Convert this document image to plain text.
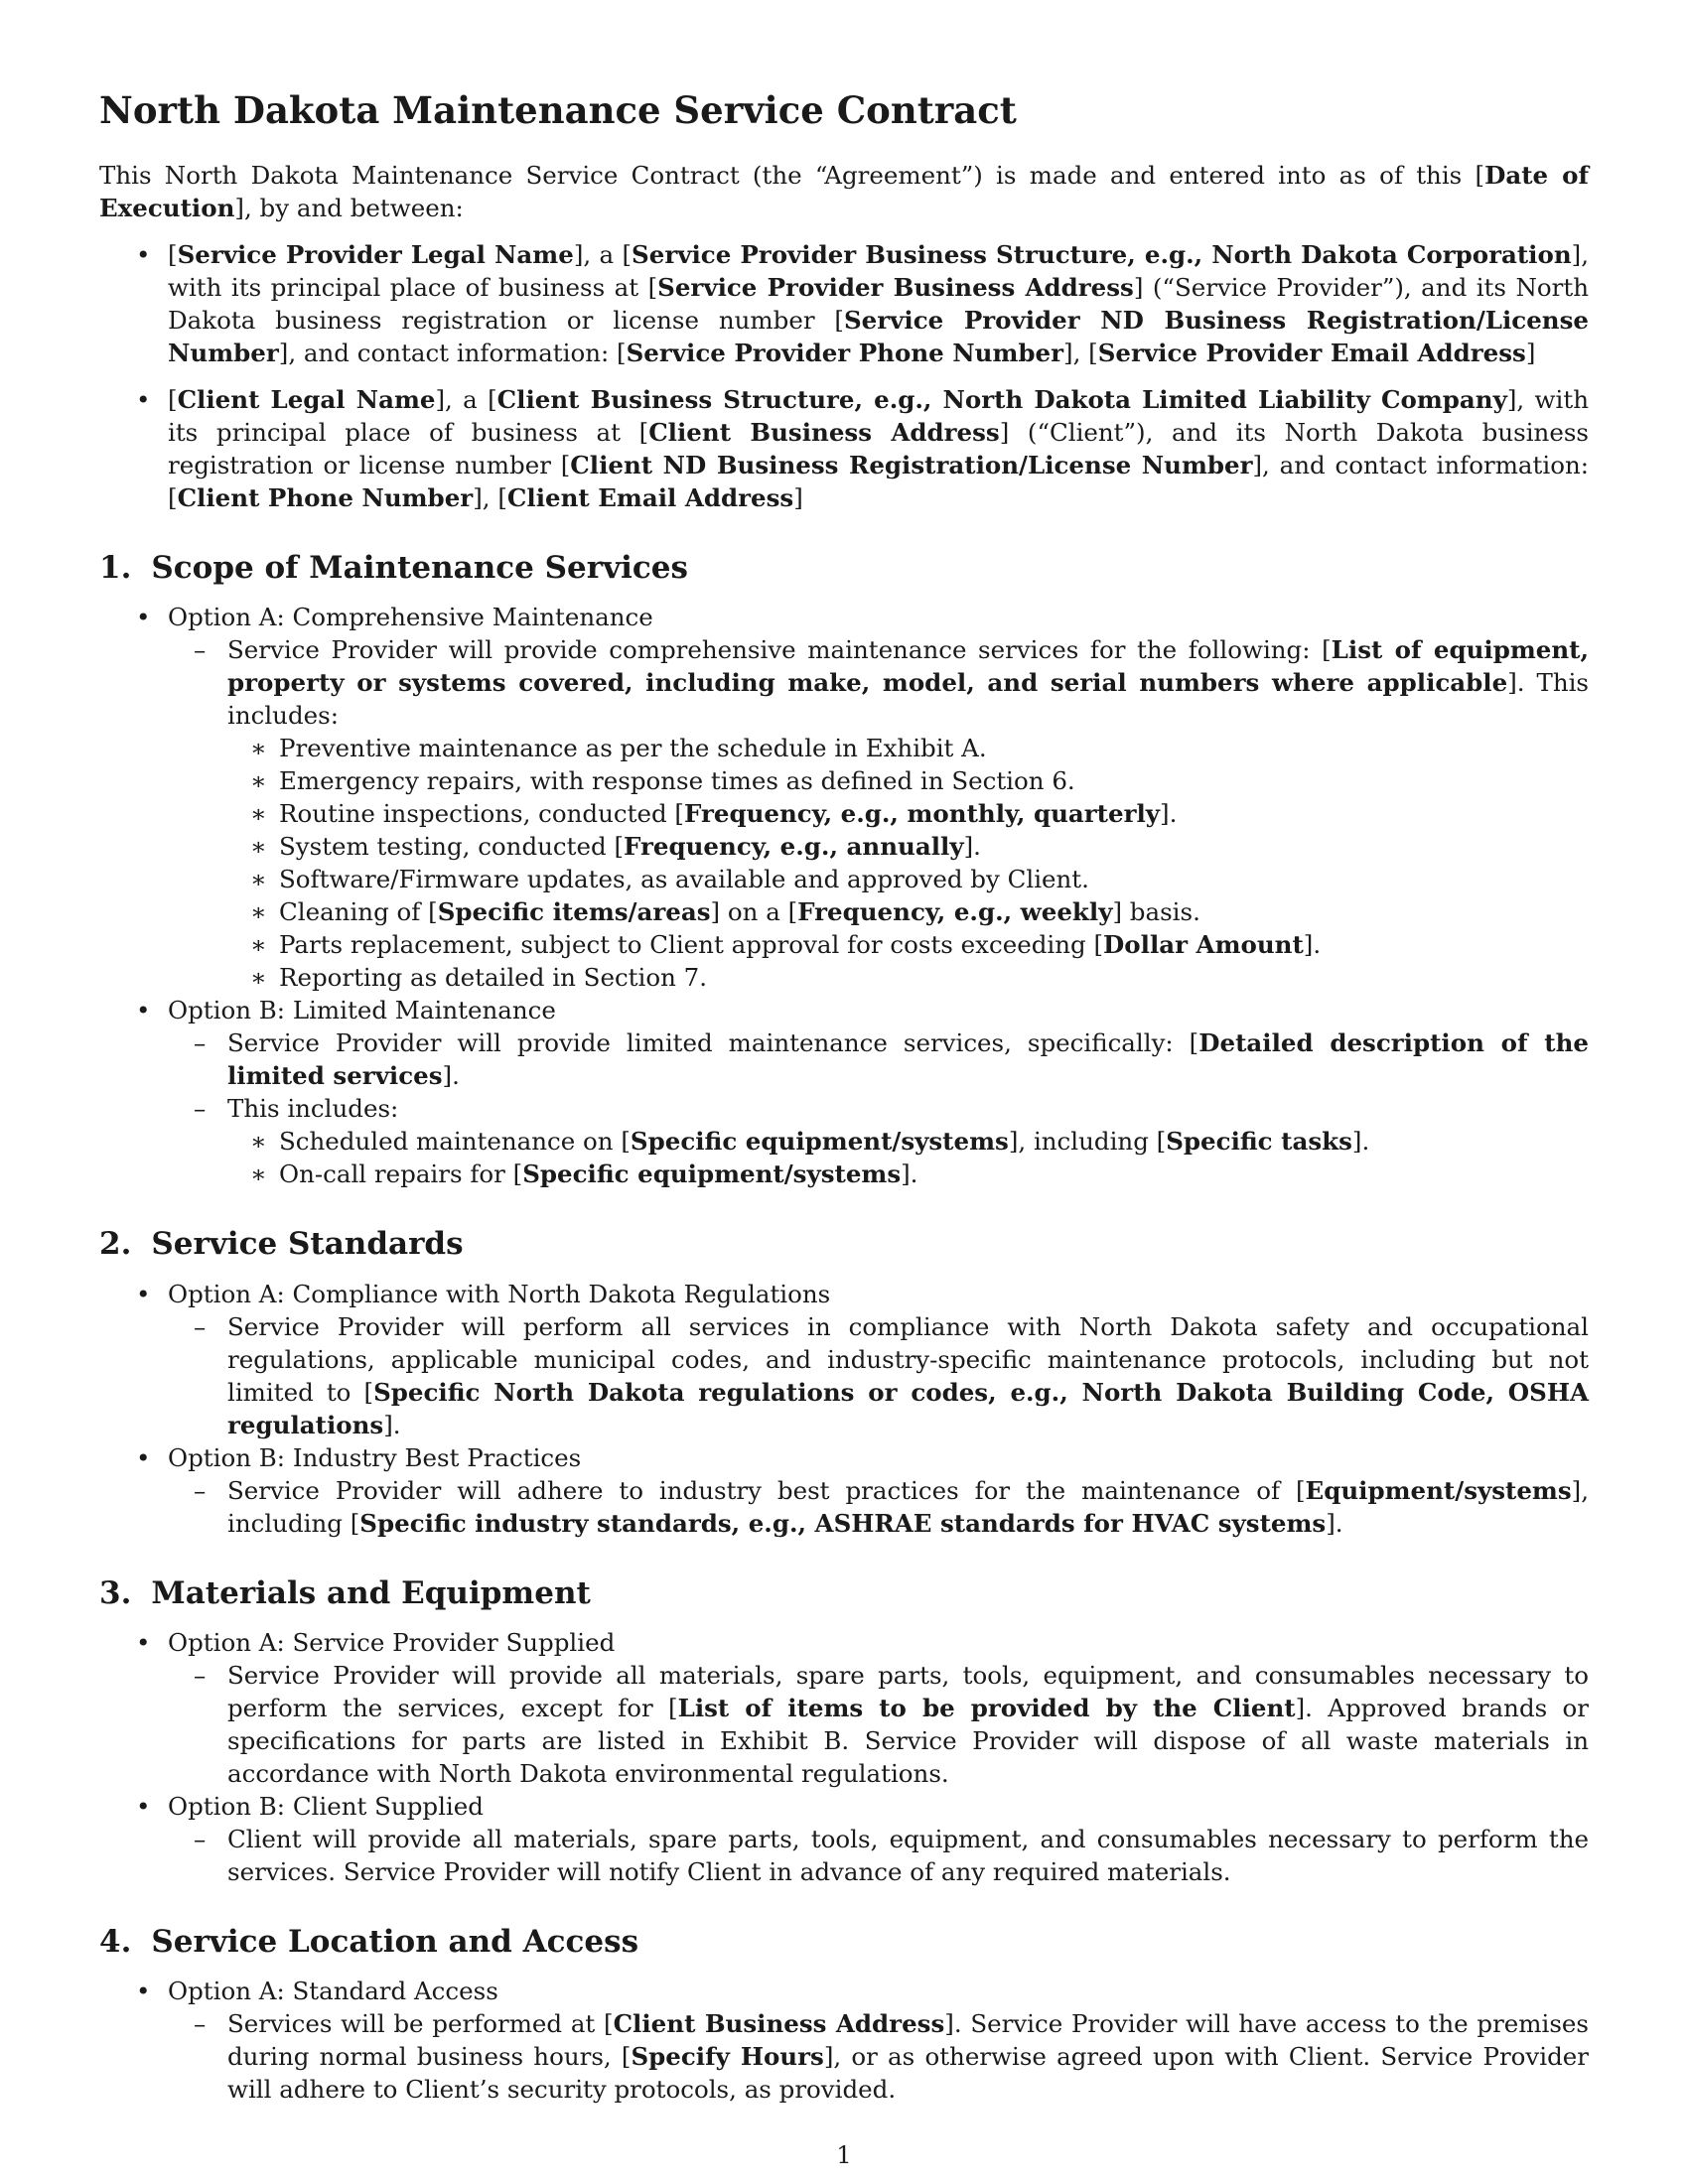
North Dakota Maintenance Service Contract

This North Dakota Maintenance Service Contract (the “Agreement”) is made and entered into as of this [Date of Execution], by and between:

• [Service Provider Legal Name], a [Service Provider Business Structure, e.g., North Dakota Corporation], with its principal place of business at [Service Provider Business Address] (“Service Provider”), and its North Dakota business registration or license number [Service Provider ND Business Registration/License Number], and contact information: [Service Provider Phone Number], [Service Provider Email Address]
• [Client Legal Name], a [Client Business Structure, e.g., North Dakota Limited Liability Company], with its principal place of business at [Client Business Address] (“Client”), and its North Dakota business registration or license number [Client ND Business Registration/License Number], and contact information: [Client Phone Number], [Client Email Address]
1. Scope of Maintenance Services
• Option A: Comprehensive Maintenance
– Service Provider will provide comprehensive maintenance services for the following: [List of equipment, property or systems covered, including make, model, and serial numbers where applicable]. This includes:
∗ Preventive maintenance as per the schedule in Exhibit A.
∗ Emergency repairs, with response times as defined in Section 6.
∗ Routine inspections, conducted [Frequency, e.g., monthly, quarterly].
∗ System testing, conducted [Frequency, e.g., annually].
∗ Software/Firmware updates, as available and approved by Client.
∗ Cleaning of [Specific items/areas] on a [Frequency, e.g., weekly] basis.
∗ Parts replacement, subject to Client approval for costs exceeding [Dollar Amount].
∗ Reporting as detailed in Section 7.
• Option B: Limited Maintenance
– Service Provider will provide limited maintenance services, specifically: [Detailed description of the limited services].
– This includes:
∗ Scheduled maintenance on [Specific equipment/systems], including [Specific tasks].
∗ On-call repairs for [Specific equipment/systems].
2. Service Standards
• Option A: Compliance with North Dakota Regulations
– Service Provider will perform all services in compliance with North Dakota safety and occupational regulations, applicable municipal codes, and industry-specific maintenance protocols, including but not limited to [Specific North Dakota regulations or codes, e.g., North Dakota Building Code, OSHA regulations].
• Option B: Industry Best Practices
– Service Provider will adhere to industry best practices for the maintenance of [Equipment/systems], including [Specific industry standards, e.g., ASHRAE standards for HVAC systems].
3. Materials and Equipment
• Option A: Service Provider Supplied
– Service Provider will provide all materials, spare parts, tools, equipment, and consumables necessary to perform the services, except for [List of items to be provided by the Client]. Approved brands or specifications for parts are listed in Exhibit B. Service Provider will dispose of all waste materials in accordance with North Dakota environmental regulations.
• Option B: Client Supplied
– Client will provide all materials, spare parts, tools, equipment, and consumables necessary to perform the services. Service Provider will notify Client in advance of any required materials.
4. Service Location and Access
• Option A: Standard Access
– Services will be performed at [Client Business Address]. Service Provider will have access to the premises during normal business hours, [Specify Hours], or as otherwise agreed upon with Client. Service Provider will adhere to Client’s security protocols, as provided.
1
